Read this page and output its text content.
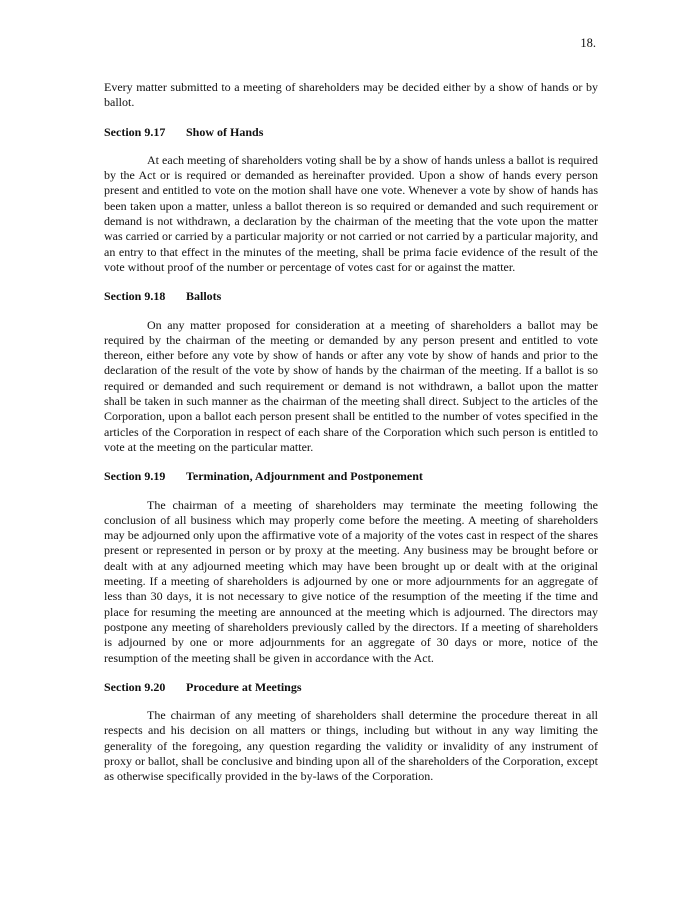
18.

Every matter submitted to a meeting of shareholders may be decided either by a show of hands or by ballot.

Section 9.17 Show of Hands

At each meeting of shareholders voting shall be by a show of hands unless a ballot is required by the Act or is required or demanded as hereinafter provided. Upon a show of hands every person present and entitled to vote on the motion shall have one vote. Whenever a vote by show of hands has been taken upon a matter, unless a ballot thereon is so required or demanded and such requirement or demand is not withdrawn, a declaration by the chairman of the meeting that the vote upon the matter was carried or carried by a particular majority or not carried or not carried by a particular majority, and an entry to that effect in the minutes of the meeting, shall be prima facie evidence of the result of the vote without proof of the number or percentage of votes cast for or against the matter.

Section 9.18 Ballots

On any matter proposed for consideration at a meeting of shareholders a ballot may be required by the chairman of the meeting or demanded by any person present and entitled to vote thereon, either before any vote by show of hands or after any vote by show of hands and prior to the declaration of the result of the vote by show of hands by the chairman of the meeting. If a ballot is so required or demanded and such requirement or demand is not withdrawn, a ballot upon the matter shall be taken in such manner as the chairman of the meeting shall direct. Subject to the articles of the Corporation, upon a ballot each person present shall be entitled to the number of votes specified in the articles of the Corporation in respect of each share of the Corporation which such person is entitled to vote at the meeting on the particular matter.

Section 9.19 Termination, Adjournment and Postponement

The chairman of a meeting of shareholders may terminate the meeting following the conclusion of all business which may properly come before the meeting. A meeting of shareholders may be adjourned only upon the affirmative vote of a majority of the votes cast in respect of the shares present or represented in person or by proxy at the meeting. Any business may be brought before or dealt with at any adjourned meeting which may have been brought up or dealt with at the original meeting. If a meeting of shareholders is adjourned by one or more adjournments for an aggregate of less than 30 days, it is not necessary to give notice of the resumption of the meeting if the time and place for resuming the meeting are announced at the meeting which is adjourned. The directors may postpone any meeting of shareholders previously called by the directors. If a meeting of shareholders is adjourned by one or more adjournments for an aggregate of 30 days or more, notice of the resumption of the meeting shall be given in accordance with the Act.

Section 9.20 Procedure at Meetings

The chairman of any meeting of shareholders shall determine the procedure thereat in all respects and his decision on all matters or things, including but without in any way limiting the generality of the foregoing, any question regarding the validity or invalidity of any instrument of proxy or ballot, shall be conclusive and binding upon all of the shareholders of the Corporation, except as otherwise specifically provided in the by-laws of the Corporation.
